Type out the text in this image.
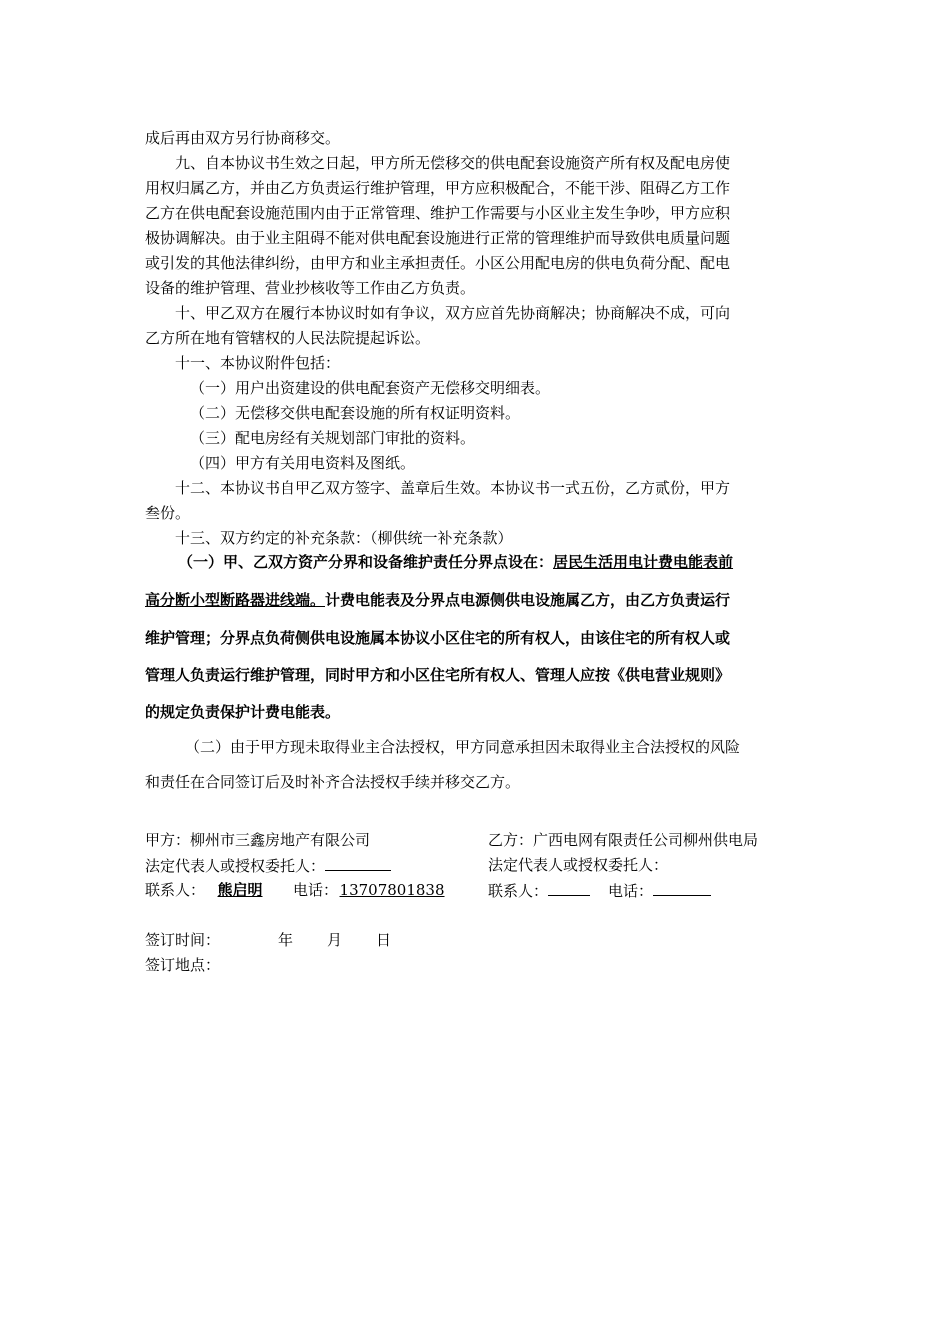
成后再由双方另行协商移交。
九、自本协议书生效之日起，甲方所无偿移交的供电配套设施资产所有权及配电房使
用权归属乙方，并由乙方负责运行维护管理，甲方应积极配合，不能干涉、阻碍乙方工作
乙方在供电配套设施范围内由于正常管理、维护工作需要与小区业主发生争吵，甲方应积
极协调解决。由于业主阻碍不能对供电配套设施进行正常的管理维护而导致供电质量问题
或引发的其他法律纠纷，由甲方和业主承担责任。小区公用配电房的供电负荷分配、配电
设备的维护管理、营业抄核收等工作由乙方负责。
十、甲乙双方在履行本协议时如有争议，双方应首先协商解决；协商解决不成，可向
乙方所在地有管辖权的人民法院提起诉讼。
十一、本协议附件包括：
（一）用户出资建设的供电配套资产无偿移交明细表。
（二）无偿移交供电配套设施的所有权证明资料。
（三）配电房经有关规划部门审批的资料。
（四）甲方有关用电资料及图纸。
十二、本协议书自甲乙双方签字、盖章后生效。本协议书一式五份，乙方贰份，甲方
叁份。
十三、双方约定的补充条款：（柳供统一补充条款）
（一）甲、乙双方资产分界和设备维护责任分界点设在：居民生活用电计费电能表前
高分断小型断路器进线端。计费电能表及分界点电源侧供电设施属乙方，由乙方负责运行
维护管理；分界点负荷侧供电设施属本协议小区住宅的所有权人，由该住宅的所有权人或
管理人负责运行维护管理，同时甲方和小区住宅所有权人、管理人应按《供电营业规则》
的规定负责保护计费电能表。
（二）由于甲方现未取得业主合法授权，甲方同意承担因未取得业主合法授权的风险
和责任在合同签订后及时补齐合法授权手续并移交乙方。
甲方：柳州市三鑫房地产有限公司
法定代表人或授权委托人：
联系人： 熊启明 电话： 13707801838
乙方：广西电网有限责任公司柳州供电局
法定代表人或授权委托人：
联系人：	电话：
签订时间：	年 月 日
签订地点：
